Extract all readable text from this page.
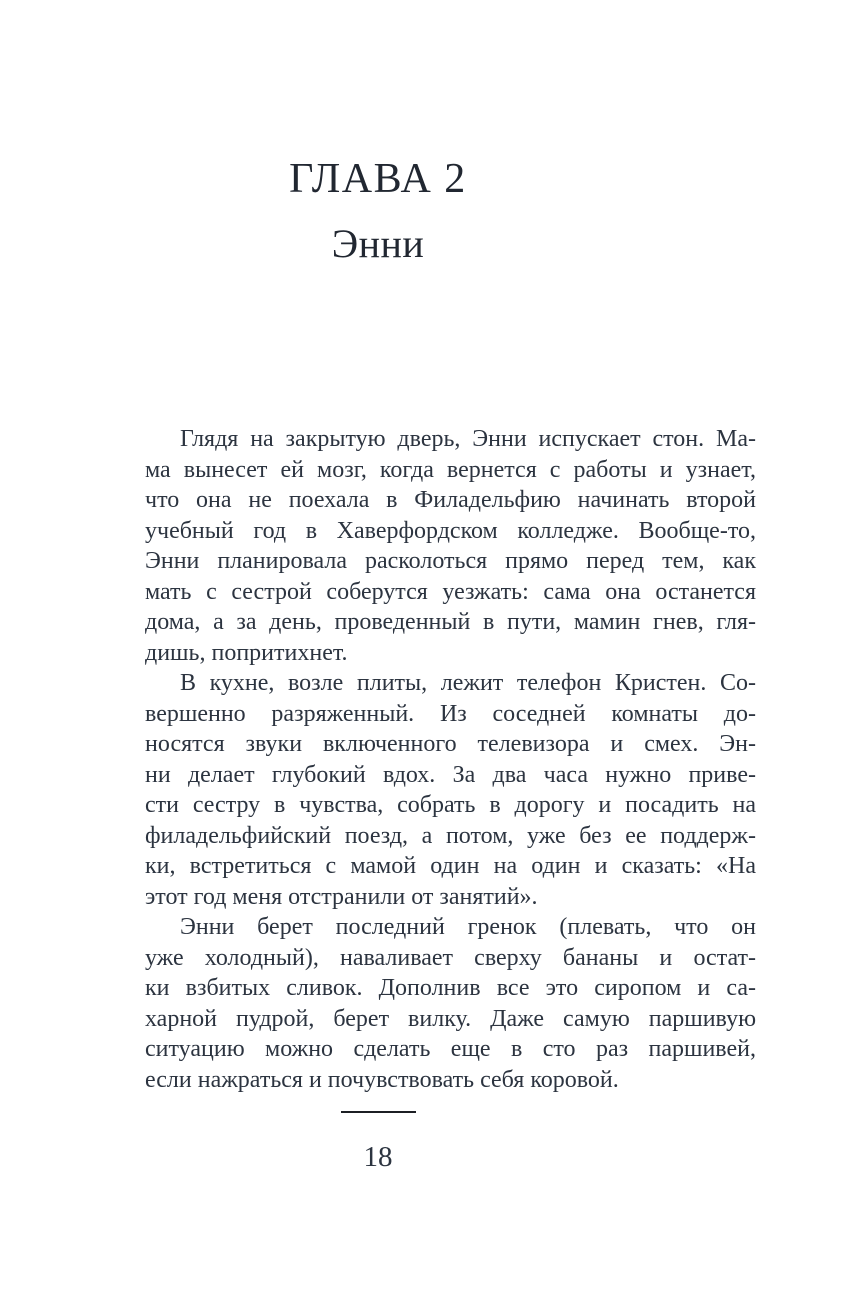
ГЛАВА 2
Энни
Глядя на закрытую дверь, Энни испускает стон. Ма-
ма вынесет ей мозг, когда вернется с работы и узнает,
что она не поехала в Филадельфию начинать второй
учебный год в Хаверфордском колледже. Вообще-то,
Энни планировала расколоться прямо перед тем, как
мать с сестрой соберутся уезжать: сама она останется
дома, а за день, проведенный в пути, мамин гнев, гля-
дишь, попритихнет.
В кухне, возле плиты, лежит телефон Кристен. Со-
вершенно разряженный. Из соседней комнаты до-
носятся звуки включенного телевизора и смех. Эн-
ни делает глубокий вдох. За два часа нужно приве-
сти сестру в чувства, собрать в дорогу и посадить на
филадельфийский поезд, а потом, уже без ее поддерж-
ки, встретиться с мамой один на один и сказать: «На
этот год меня отстранили от занятий».
Энни берет последний гренок (плевать, что он
уже холодный), наваливает сверху бананы и остат-
ки взбитых сливок. Дополнив все это сиропом и са-
харной пудрой, берет вилку. Даже самую паршивую
ситуацию можно сделать еще в сто раз паршивей,
если нажраться и почувствовать себя коровой.
18
